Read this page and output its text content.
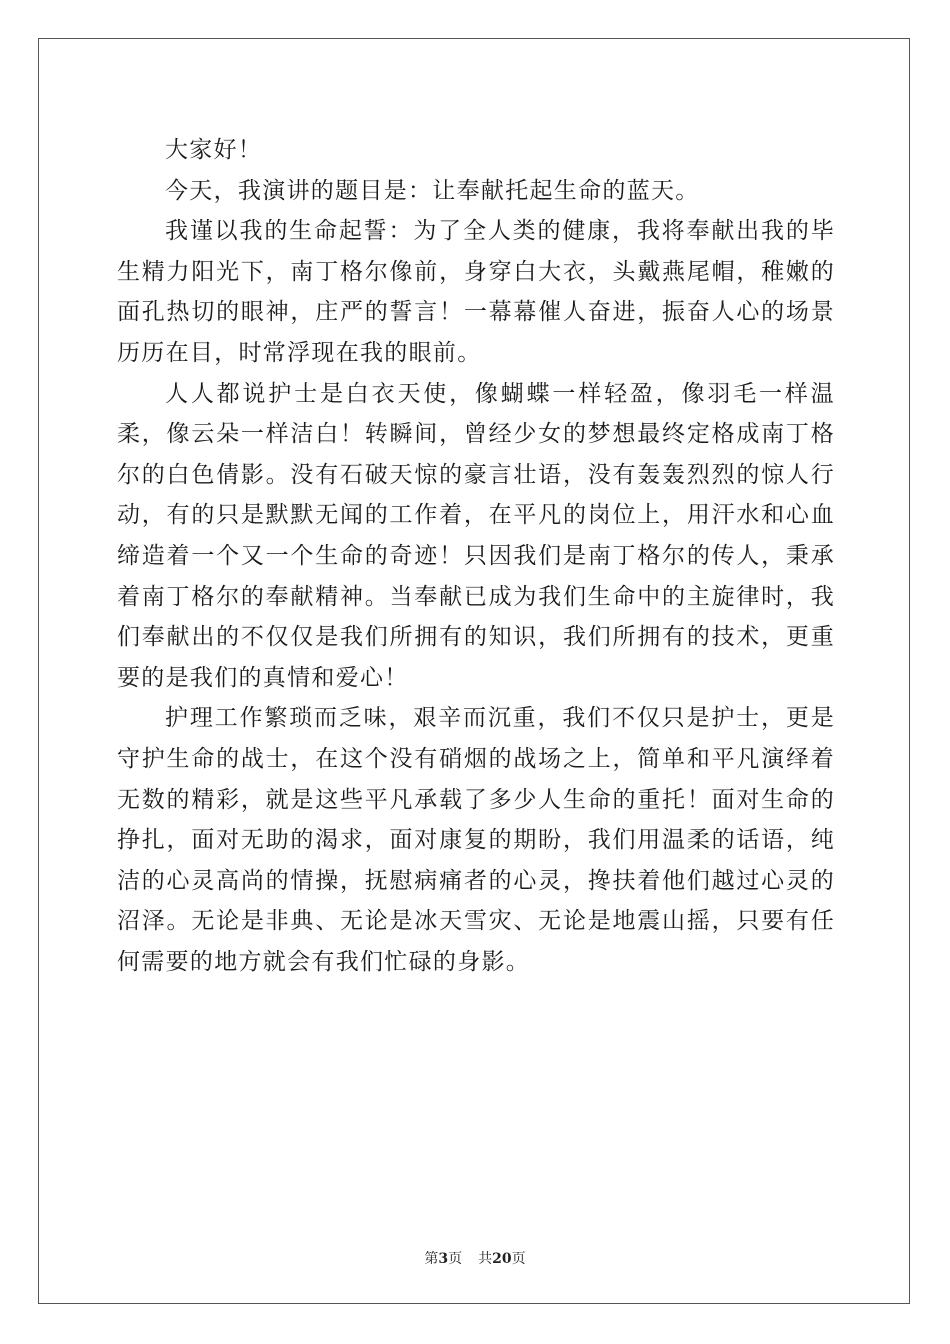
大家好！

今天，我演讲的题目是：让奉献托起生命的蓝天。

我谨以我的生命起誓：为了全人类的健康，我将奉献出我的毕生精力阳光下，南丁格尔像前，身穿白大衣，头戴燕尾帽，稚嫩的面孔热切的眼神，庄严的誓言！一幕幕催人奋进，振奋人心的场景历历在目，时常浮现在我的眼前。

人人都说护士是白衣天使，像蝴蝶一样轻盈，像羽毛一样温柔，像云朵一样洁白！转瞬间，曾经少女的梦想最终定格成南丁格尔的白色倩影。没有石破天惊的豪言壮语，没有轰轰烈烈的惊人行动，有的只是默默无闻的工作着，在平凡的岗位上，用汗水和心血缔造着一个又一个生命的奇迹！只因我们是南丁格尔的传人，秉承着南丁格尔的奉献精神。当奉献已成为我们生命中的主旋律时，我们奉献出的不仅仅是我们所拥有的知识，我们所拥有的技术，更重要的是我们的真情和爱心！

护理工作繁琐而乏味，艰辛而沉重，我们不仅只是护士，更是守护生命的战士，在这个没有硝烟的战场之上，简单和平凡演绎着无数的精彩，就是这些平凡承载了多少人生命的重托！面对生命的挣扎，面对无助的渴求，面对康复的期盼，我们用温柔的话语，纯洁的心灵高尚的情操，抚慰病痛者的心灵，搀扶着他们越过心灵的沼泽。无论是非典、无论是冰天雪灾、无论是地震山摇，只要有任何需要的地方就会有我们忙碌的身影。

第3页 共20页
